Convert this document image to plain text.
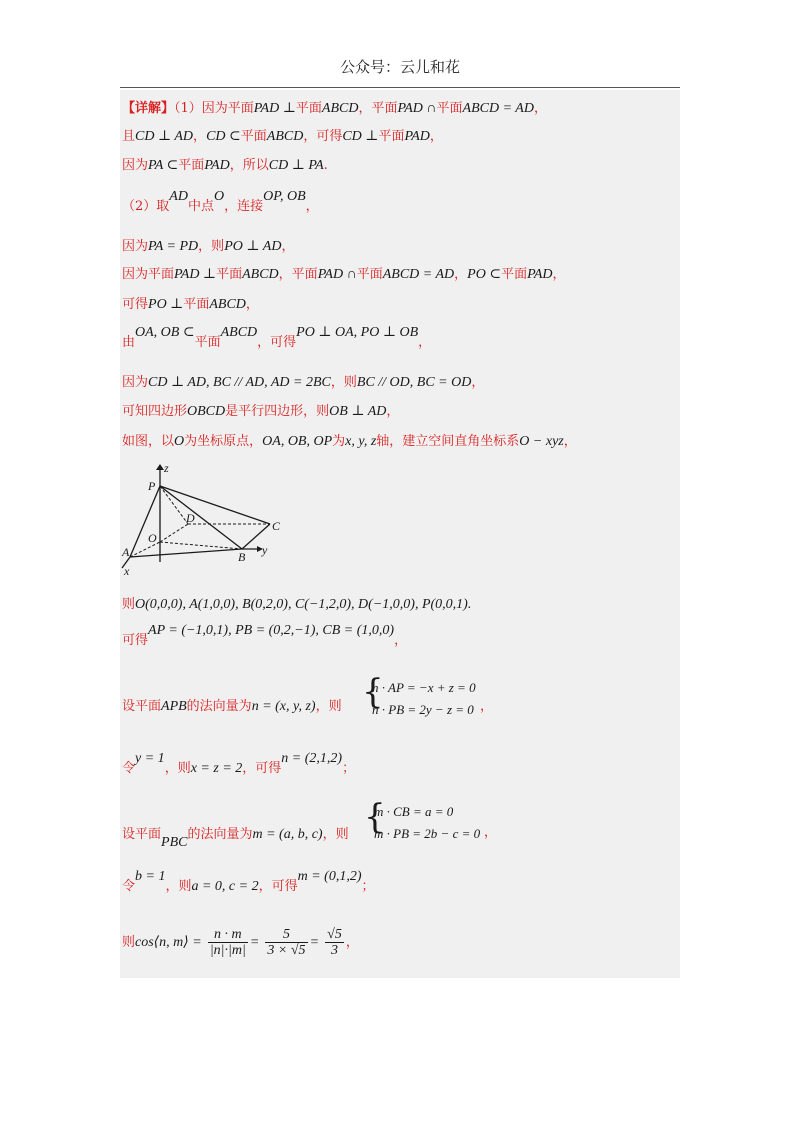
公众号：云儿和花
【详解】（1）因为平面PAD ⊥平面ABCD，平面PAD ∩平面ABCD = AD，
且CD ⊥ AD，CD ⊂平面ABCD，可得CD ⊥平面PAD，
因为PA ⊂平面PAD，所以CD ⊥ PA.
（2）取AD中点O，连接OP, OB，
因为PA = PD，则PO ⊥ AD，
因为平面PAD ⊥平面ABCD，平面PAD ∩平面ABCD = AD，PO ⊂平面PAD，
可得PO ⊥平面ABCD，
由OA, OB ⊂平面ABCD，可得PO ⊥ OA, PO ⊥ OB，
因为CD ⊥ AD, BC // AD, AD = 2BC，则BC // OD, BC = OD，
可知四边形OBCD是平行四边形，则OB ⊥ AD，
如图，以O为坐标原点，OA, OB, OP为x, y, z轴，建立空间直角坐标系O − xyz，
z
P
D
C
O
A	B y
x
则O(0,0,0), A(1,0,0), B(0,2,0), C(−1,2,0), D(−1,0,0), P(0,0,1).
可得AP = (−1,0,1), PB = (0,2,−1), CB = (1,0,0)，
设平面APB的法向量为n = (x, y, z)，则 {
n · AP = −x + z = 0
n · PB = 2y − z = 0 ，
令y = 1，则x = z = 2，可得n = (2,1,2)；
设平面PBC的法向量为m = (a, b, c)，则 {
m · CB = a = 0
m · PB = 2b − c = 0 ，
令b = 1，则a = 0, c = 2，可得m = (0,1,2)；
则cos⟨n, m⟩ = $\frac{n \cdot m}{|n|\cdot|m|} = \frac{5}{3 \times √5} = \frac{√5}{3}$ ，
